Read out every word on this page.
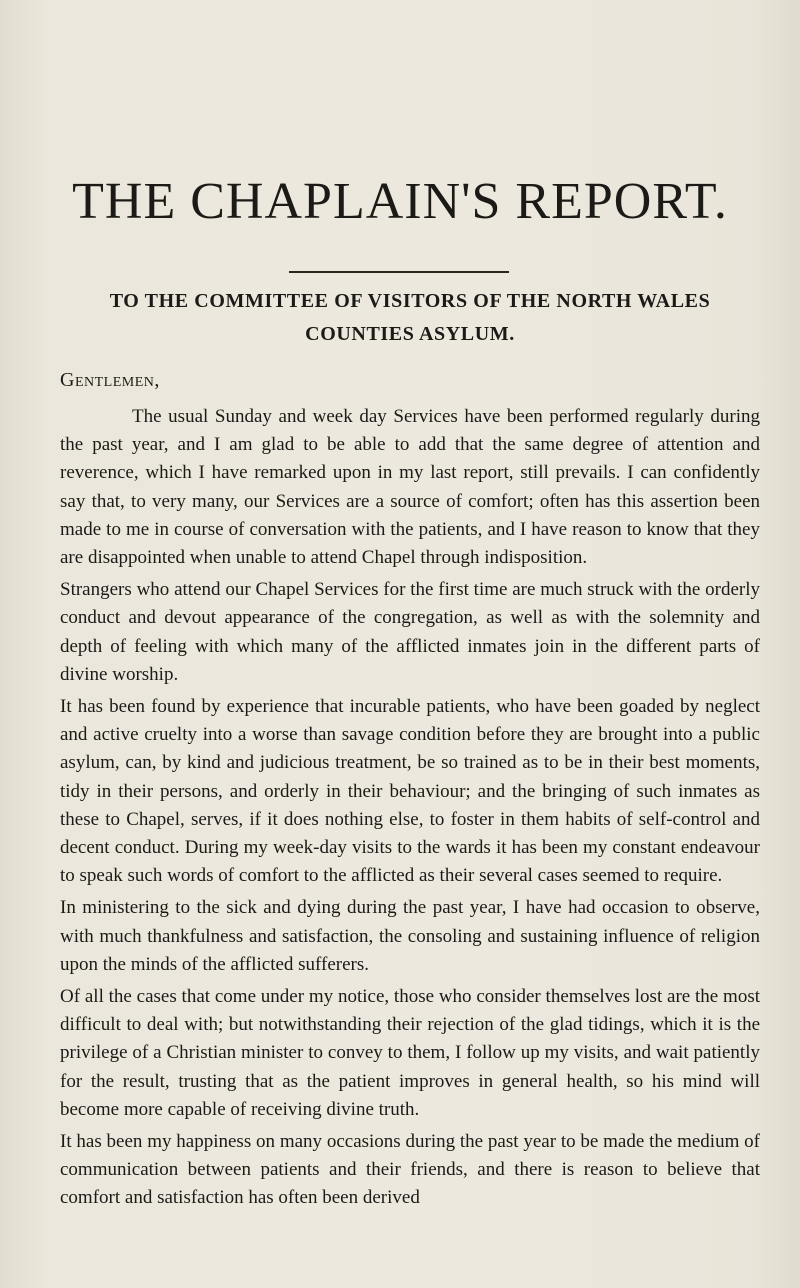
THE CHAPLAIN'S REPORT.
TO THE COMMITTEE OF VISITORS OF THE NORTH WALES COUNTIES ASYLUM.

Gentlemen,

The usual Sunday and week day Services have been performed regularly during the past year, and I am glad to be able to add that the same degree of attention and reverence, which I have remarked upon in my last report, still prevails. I can confidently say that, to very many, our Services are a source of comfort; often has this assertion been made to me in course of conversation with the patients, and I have reason to know that they are disappointed when unable to attend Chapel through indisposition.

Strangers who attend our Chapel Services for the first time are much struck with the orderly conduct and devout appearance of the congregation, as well as with the solemnity and depth of feeling with which many of the afflicted inmates join in the different parts of divine worship.

It has been found by experience that incurable patients, who have been goaded by neglect and active cruelty into a worse than savage condition before they are brought into a public asylum, can, by kind and judicious treatment, be so trained as to be in their best moments, tidy in their persons, and orderly in their behaviour; and the bringing of such inmates as these to Chapel, serves, if it does nothing else, to foster in them habits of self-control and decent conduct. During my week-day visits to the wards it has been my constant endeavour to speak such words of comfort to the afflicted as their several cases seemed to require.

In ministering to the sick and dying during the past year, I have had occasion to observe, with much thankfulness and satisfaction, the consoling and sustaining influence of religion upon the minds of the afflicted sufferers.

Of all the cases that come under my notice, those who consider themselves lost are the most difficult to deal with; but notwithstanding their rejection of the glad tidings, which it is the privilege of a Christian minister to convey to them, I follow up my visits, and wait patiently for the result, trusting that as the patient improves in general health, so his mind will become more capable of receiving divine truth.

It has been my happiness on many occasions during the past year to be made the medium of communication between patients and their friends, and there is reason to believe that comfort and satisfaction has often been derived
